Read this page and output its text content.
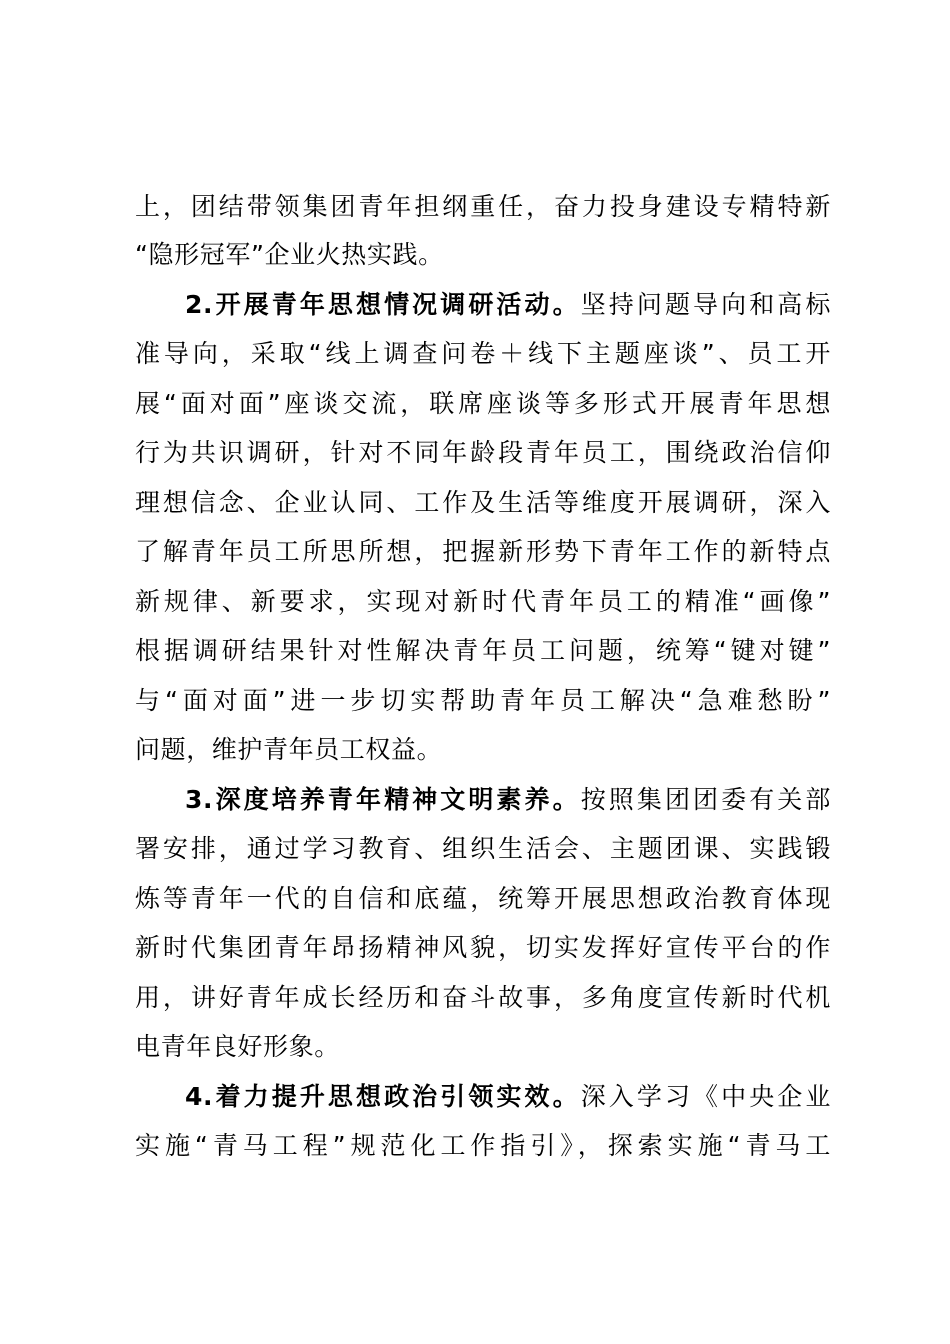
上，团结带领集团青年担纲重任，奋力投身建设专精特新
“隐形冠军”企业火热实践。
2.开展青年思想情况调研活动。坚持问题导向和高标
准导向，采取“线上调查问卷＋线下主题座谈”、员工开
展“面对面”座谈交流，联席座谈等多形式开展青年思想
行为共识调研，针对不同年龄段青年员工，围绕政治信仰
理想信念、企业认同、工作及生活等维度开展调研，深入
了解青年员工所思所想，把握新形势下青年工作的新特点
新规律、新要求，实现对新时代青年员工的精准“画像”
根据调研结果针对性解决青年员工问题，统筹“键对键”
与“面对面”进一步切实帮助青年员工解决“急难愁盼”
问题，维护青年员工权益。
3.深度培养青年精神文明素养。按照集团团委有关部
署安排，通过学习教育、组织生活会、主题团课、实践锻
炼等青年一代的自信和底蕴，统筹开展思想政治教育体现
新时代集团青年昂扬精神风貌，切实发挥好宣传平台的作
用，讲好青年成长经历和奋斗故事，多角度宣传新时代机
电青年良好形象。
4.着力提升思想政治引领实效。深入学习《中央企业
实施“青马工程”规范化工作指引》，探索实施“青马工
